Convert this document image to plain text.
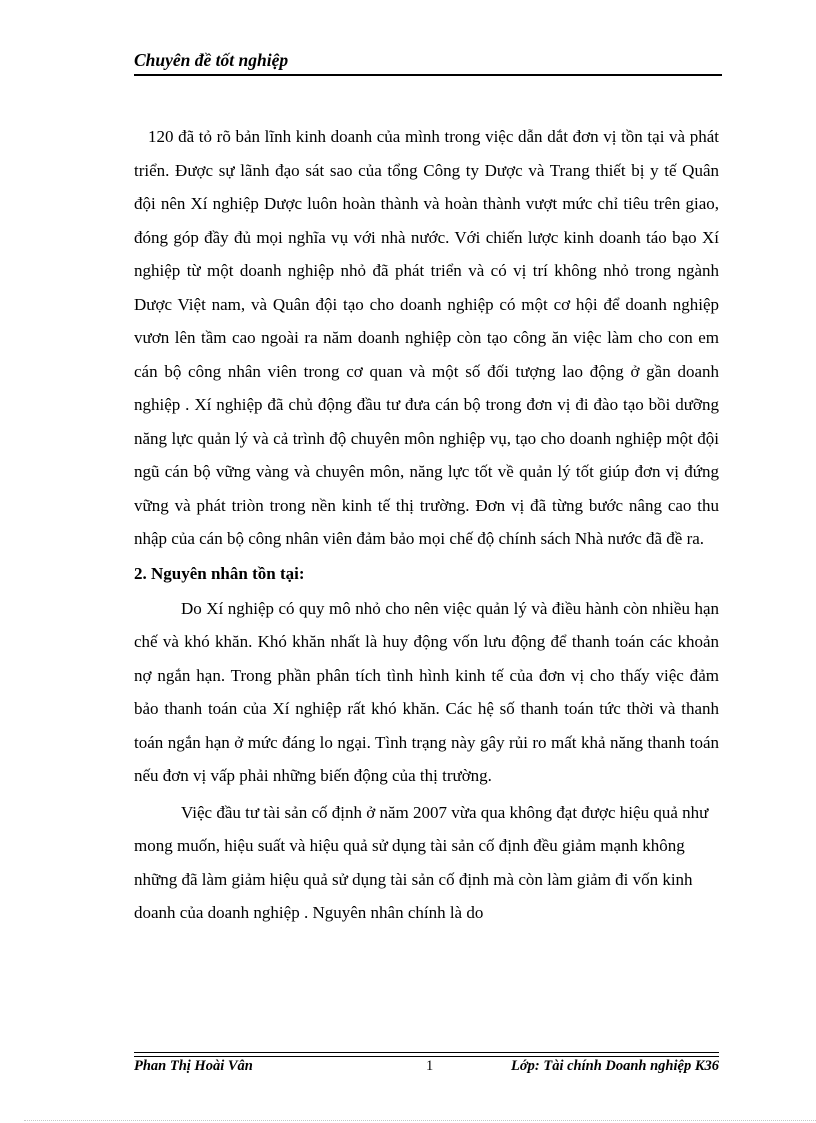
Chuyên đề tốt nghiệp

120 đã tỏ rõ bản lĩnh kinh doanh của mình trong việc dẫn dắt đơn vị tồn tại và phát triển. Được sự lãnh đạo sát sao của tổng Công ty Dược và Trang thiết bị y tế Quân đội nên Xí nghiệp Dược luôn hoàn thành và hoàn thành vượt mức chỉ tiêu trên giao, đóng góp đầy đủ mọi nghĩa vụ với nhà nước. Với chiến lược kinh doanh táo bạo Xí nghiệp từ một doanh nghiệp nhỏ đã phát triển và có vị trí không nhỏ trong ngành Dược Việt nam, và Quân đội tạo cho doanh nghiệp có một cơ hội để doanh nghiệp vươn lên tầm cao ngoài ra năm doanh nghiệp còn tạo công ăn việc làm cho con em cán bộ công nhân viên trong cơ quan và một số đối tượng lao động ở gần doanh nghiệp . Xí nghiệp đã chủ động đầu tư đưa cán bộ trong đơn vị đi đào tạo bồi dưỡng năng lực quản lý và cả trình độ chuyên môn nghiệp vụ, tạo cho doanh nghiệp một đội ngũ cán bộ vững vàng và chuyên môn, năng lực tốt về quản lý tốt giúp đơn vị đứng vững và phát triòn trong nền kinh tế thị trường. Đơn vị đã từng bước nâng cao thu nhập của cán bộ công nhân viên đảm bảo mọi chế độ chính sách Nhà nước đã đề ra.

2. Nguyên nhân tồn tại:

Do Xí nghiệp có quy mô nhỏ cho nên việc quản lý và điều hành còn nhiều hạn chế và khó khăn. Khó khăn nhất là huy động vốn lưu động để thanh toán các khoản nợ ngắn hạn. Trong phần phân tích tình hình kinh tế của đơn vị cho thấy việc đảm bảo thanh toán của Xí nghiệp rất khó khăn. Các hệ số thanh toán tức thời và thanh toán ngắn hạn ở mức đáng lo ngại. Tình trạng này gây rủi ro mất khả năng thanh toán nếu đơn vị vấp phải những biến động của thị trường.

Việc đầu tư tài sản cố định ở năm 2007 vừa qua không đạt được hiệu quả như mong muốn, hiệu suất và hiệu quả sử dụng tài sản cố định đều giảm mạnh không những đã làm giảm hiệu quả sử dụng tài sản cố định mà còn làm giảm đi vốn kinh doanh của doanh nghiệp . Nguyên nhân chính là do

Phan Thị Hoài Vân	1	Lớp: Tài chính Doanh nghiệp K36
